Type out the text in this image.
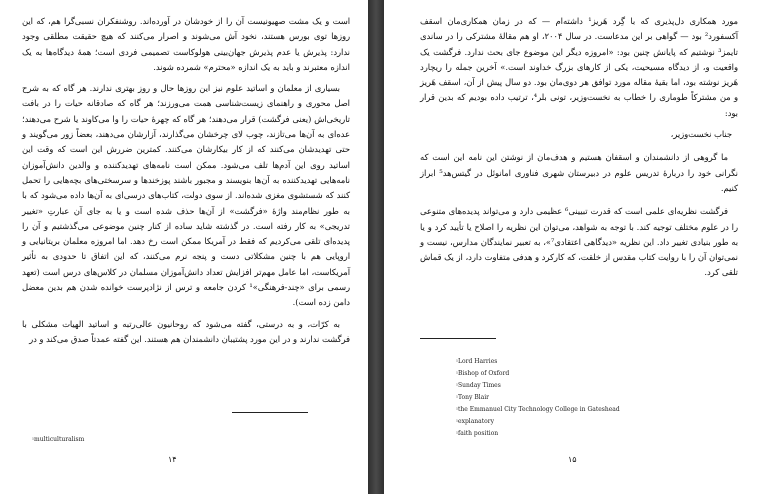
است و یک مشت صهیونیست آن را از خودشان در آورده‌اند. روشنفکران نسبی‌گرا هم، که این روزها توی بورس هستند، نخود آش می‌شوند و اصرار می‌کنند که هیچ حقیقت مطلقی وجود ندارد: پذیرش یا عدم پذیرش جهان‌بینی هولوکاست تصمیمی فردی است؛ همهٔ دیدگاه‌ها به یک اندازه معتبرند و باید به یک اندازه «محترم» شمرده شوند.

بسیاری از معلمان و اساتید علوم نیز این روزها حال و روز بهتری ندارند. هر گاه که به شرح اصل محوری و راهنمای زیست‌شناسی همت می‌ورزند؛ هر گاه که صادقانه حیات را در بافت تاریخی‌اش (یعنی فرگشت) قرار می‌دهند؛ هر گاه که چهرهٔ حیات را وا می‌کاوند یا شرح می‌دهند؛ عده‌ای به آن‌ها می‌تازند، چوب لای چرخشان می‌گذارند، آزارشان می‌دهند، بعضاً زور می‌گویند و حتی تهدیدشان می‌کنند که از کار بیکارشان می‌کنند. کمترین ضررش این است که وقت این اساتید روی این آدم‌ها تلف می‌شود. ممکن است نامه‌های تهدیدکننده و والدین دانش‌آموزان نامه‌هایی تهدیدکننده به آن‌ها بنویسند و مجبور باشند پوزخندها و سرسختی‌های بچه‌هایی را تحمل کنند که شستشوی مغزی شده‌اند. از سوی دولت، کتاب‌های درسی‌ای به آن‌ها داده می‌شود که با به طور نظام‌مند واژهٔ «فرگشت» از آن‌ها حذف شده است و یا به جای آن عبارتِ «تغییر تدریجی» به کار رفته است. در گذشته شاید ساده از کنار چنین موضوعی می‌گذشتیم و آن را پدیده‌ای تلقی می‌کردیم که فقط در آمریکا ممکن است رخ دهد. اما امروزه معلمان بریتانیایی و اروپایی هم با چنین مشکلاتی دست و پنجه نرم می‌کنند، که این اتفاق تا حدودی به تأثیر آمریکاست، اما عامل مهم‌تر افزایش تعداد دانش‌آموزان مسلمان در کلاس‌های درس است (تعهد رسمی برای «چند-فرهنگی»¹ کردن جامعه و ترس از نژادپرست خوانده شدن هم بدین معضل دامن زده است).

به کرّات، و به درستی، گفته می‌شود که روحانیون عالی‌رتبه و اساتید الهیات مشکلی با فرگشت ندارند و در این مورد پشتیبان دانشمندان هم هستند. این گفته عمدتاً صدق می‌کند و در

¹ multiculturalism
۱۴

مورد همکاری دل‌پذیری که با گِرد هَریز¹ داشته‌ام — که در زمان همکاری‌مان اسقف آکسفورد² بود — گواهی بر این مدعاست. در سال ۲۰۰۴، او هم مقالهٔ مشترکی را در ساندی تایمز³ نوشتیم که پایانش چنین بود: «امروزه دیگر این موضوع جای بحث ندارد. فرگشت یک واقعیت و، از دیدگاه مسیحیت، یکی از کارهای بزرگ خداوند است.» آخرین جمله را ریچارد هَریز نوشته بود، اما بقیهٔ مقاله مورد توافق هر دوی‌مان بود. دو سال پیش از آن، اسقف هَریز و من مشترکاً طوماری را خطاب به نخست‌وزیر، تونی بلر⁴، ترتیب داده بودیم که بدین قرار بود:

جناب نخست‌وزیر،

ما گروهی از دانشمندان و اسقفان هستیم و هدف‌مان از نوشتن این نامه این است که نگرانی خود را دربارهٔ تدریس علوم در دبیرستان شهری فناوری امانوئل در گیتس‌هد⁵ ابراز کنیم.

فرگشت نظریه‌ای علمی است که قدرت تبیینی⁶ عظیمی دارد و می‌تواند پدیده‌های متنوعی را در علوم مختلف توجیه کند. با توجه به شواهد، می‌توان این نظریه را اصلاح یا تأیید کرد و یا به طور بنیادی تغییر داد. این نظریه «دیدگاهی اعتقادی⁷»، به تعبیر نمایندگان مدارس، نیست و نمی‌توان آن را با روایت کتاب مقدس از خلقت، که کارکرد و هدفی متفاوت دارد، از یک قماش تلقی کرد.

¹ Lord Harries
¹ Bishop of Oxford
¹ Sunday Times
¹ Tony Blair
¹ the Emmanuel City Technology College in Gateshead
¹ explanatory
¹ faith position
۱۵
